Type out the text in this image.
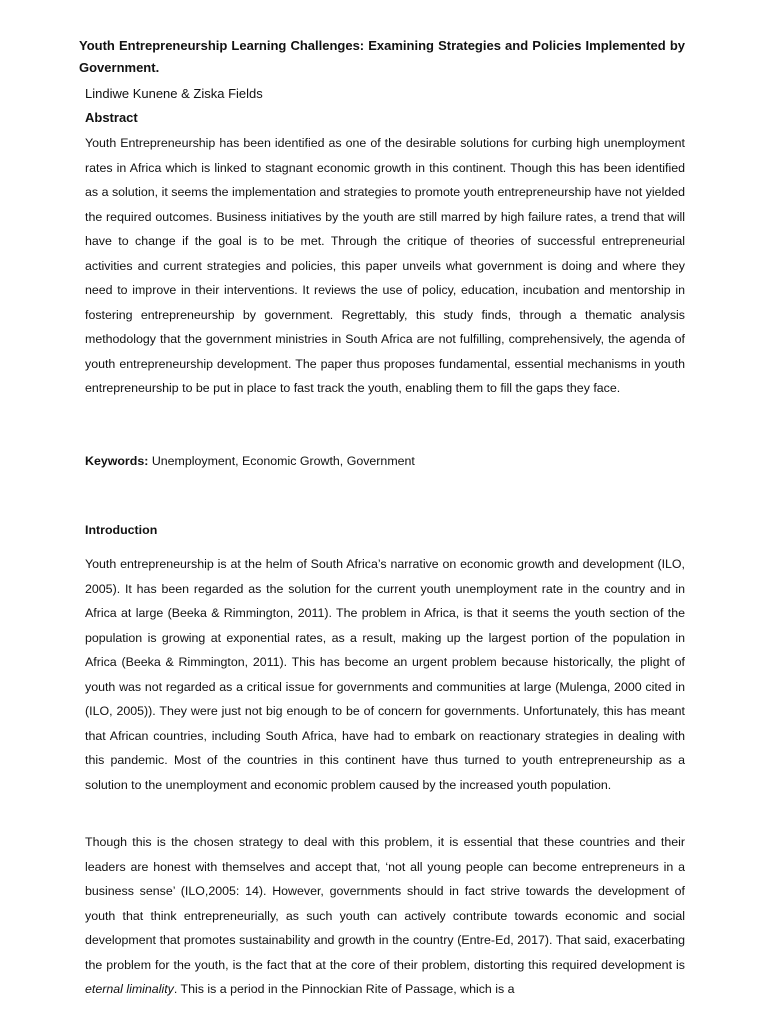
Youth Entrepreneurship Learning Challenges: Examining Strategies and Policies Implemented by Government.
Lindiwe Kunene & Ziska Fields
Abstract

Youth Entrepreneurship has been identified as one of the desirable solutions for curbing high unemployment rates in Africa which is linked to stagnant economic growth in this continent. Though this has been identified as a solution, it seems the implementation and strategies to promote youth entrepreneurship have not yielded the required outcomes. Business initiatives by the youth are still marred by high failure rates, a trend that will have to change if the goal is to be met. Through the critique of theories of successful entrepreneurial activities and current strategies and policies, this paper unveils what government is doing and where they need to improve in their interventions. It reviews the use of policy, education, incubation and mentorship in fostering entrepreneurship by government. Regrettably, this study finds, through a thematic analysis methodology that the government ministries in South Africa are not fulfilling, comprehensively, the agenda of youth entrepreneurship development. The paper thus proposes fundamental, essential mechanisms in youth entrepreneurship to be put in place to fast track the youth, enabling them to fill the gaps they face.

Keywords: Unemployment, Economic Growth, Government
Introduction

Youth entrepreneurship is at the helm of South Africa’s narrative on economic growth and development (ILO, 2005). It has been regarded as the solution for the current youth unemployment rate in the country and in Africa at large (Beeka & Rimmington, 2011). The problem in Africa, is that it seems the youth section of the population is growing at exponential rates, as a result, making up the largest portion of the population in Africa (Beeka & Rimmington, 2011). This has become an urgent problem because historically, the plight of youth was not regarded as a critical issue for governments and communities at large (Mulenga, 2000 cited in (ILO, 2005)). They were just not big enough to be of concern for governments. Unfortunately, this has meant that African countries, including South Africa, have had to embark on reactionary strategies in dealing with this pandemic. Most of the countries in this continent have thus turned to youth entrepreneurship as a solution to the unemployment and economic problem caused by the increased youth population.

Though this is the chosen strategy to deal with this problem, it is essential that these countries and their leaders are honest with themselves and accept that, ‘not all young people can become entrepreneurs in a business sense’ (ILO,2005: 14). However, governments should in fact strive towards the development of youth that think entrepreneurially, as such youth can actively contribute towards economic and social development that promotes sustainability and growth in the country (Entre-Ed, 2017). That said, exacerbating the problem for the youth, is the fact that at the core of their problem, distorting this required development is eternal liminality. This is a period in the Pinnockian Rite of Passage, which is a
